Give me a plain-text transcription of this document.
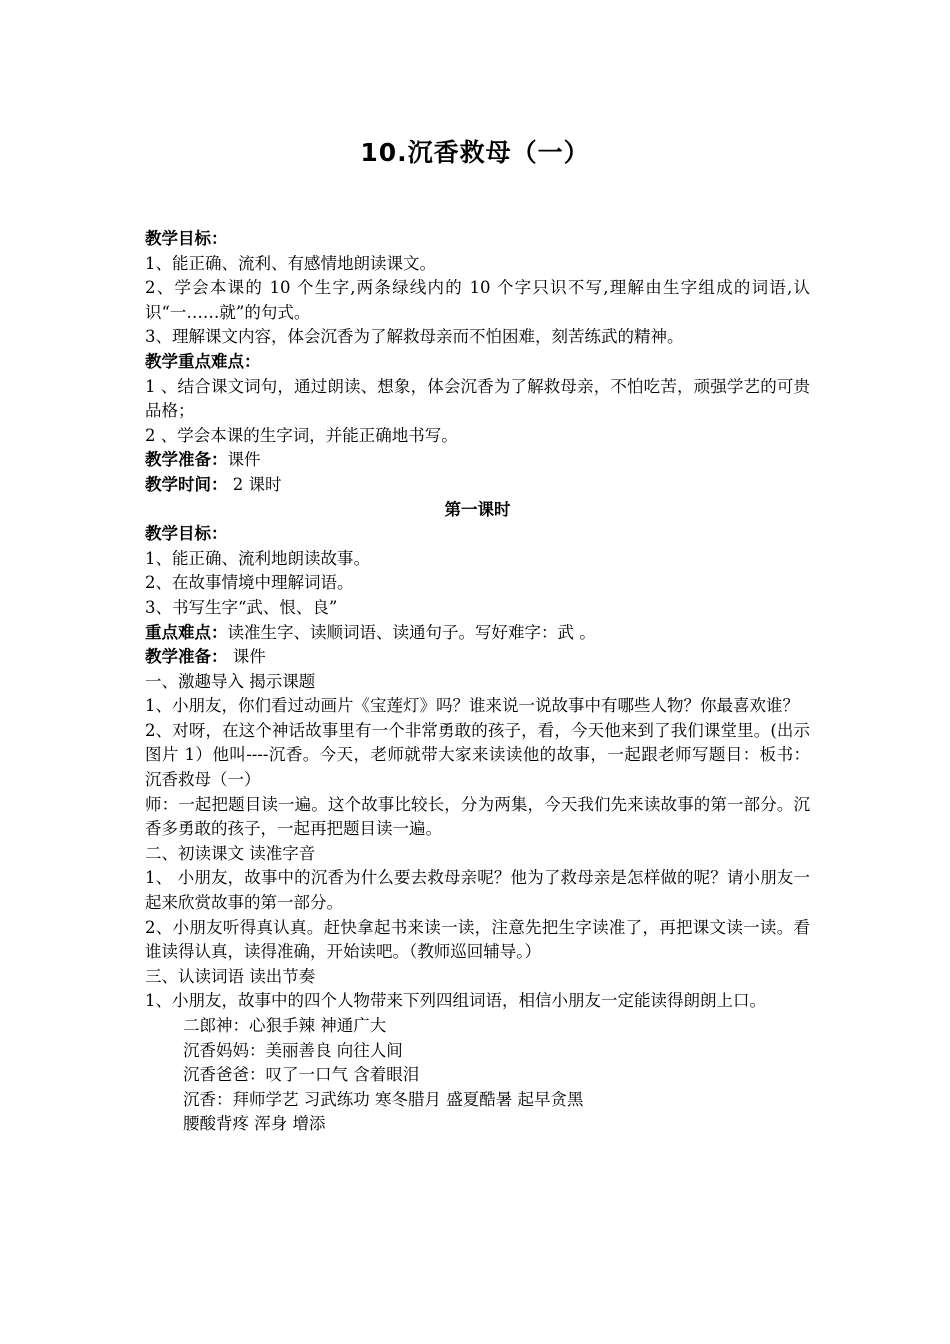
10.沉香救母（一）
教学目标：
1、能正确、流利、有感情地朗读课文。
2、学会本课的 10 个生字,两条绿线内的 10 个字只识不写,理解由生字组成的词语,认识“一……就”的句式。
3、理解课文内容，体会沉香为了解救母亲而不怕困难，刻苦练武的精神。
教学重点难点：
1 、结合课文词句，通过朗读、想象，体会沉香为了解救母亲，不怕吃苦，顽强学艺的可贵品格；
2 、学会本课的生字词，并能正确地书写。
教学准备：课件
教学时间： 2 课时
第一课时
教学目标：
1、能正确、流利地朗读故事。
2、在故事情境中理解词语。
3、书写生字“武、恨、良”
重点难点：读准生字、读顺词语、读通句子。写好难字：武 。
教学准备： 课件
一、激趣导入 揭示课题
1、小朋友，你们看过动画片《宝莲灯》吗？谁来说一说故事中有哪些人物？你最喜欢谁？
2、对呀，在这个神话故事里有一个非常勇敢的孩子，看，今天他来到了我们课堂里。(出示图片 1）他叫----沉香。今天，老师就带大家来读读他的故事，一起跟老师写题目：板书：沉香救母（一）
师：一起把题目读一遍。这个故事比较长，分为两集，今天我们先来读故事的第一部分。沉香多勇敢的孩子，一起再把题目读一遍。
二、初读课文 读准字音
1、 小朋友，故事中的沉香为什么要去救母亲呢？他为了救母亲是怎样做的呢？请小朋友一起来欣赏故事的第一部分。
2、小朋友听得真认真。赶快拿起书来读一读，注意先把生字读准了，再把课文读一读。看谁读得认真，读得准确，开始读吧。（教师巡回辅导。）
三、认读词语 读出节奏
1、小朋友，故事中的四个人物带来下列四组词语，相信小朋友一定能读得朗朗上口。
二郎神：心狠手辣 神通广大
沉香妈妈：美丽善良 向往人间
沉香爸爸：叹了一口气 含着眼泪
沉香：拜师学艺 习武练功 寒冬腊月 盛夏酷暑 起早贪黑
腰酸背疼 浑身 增添
